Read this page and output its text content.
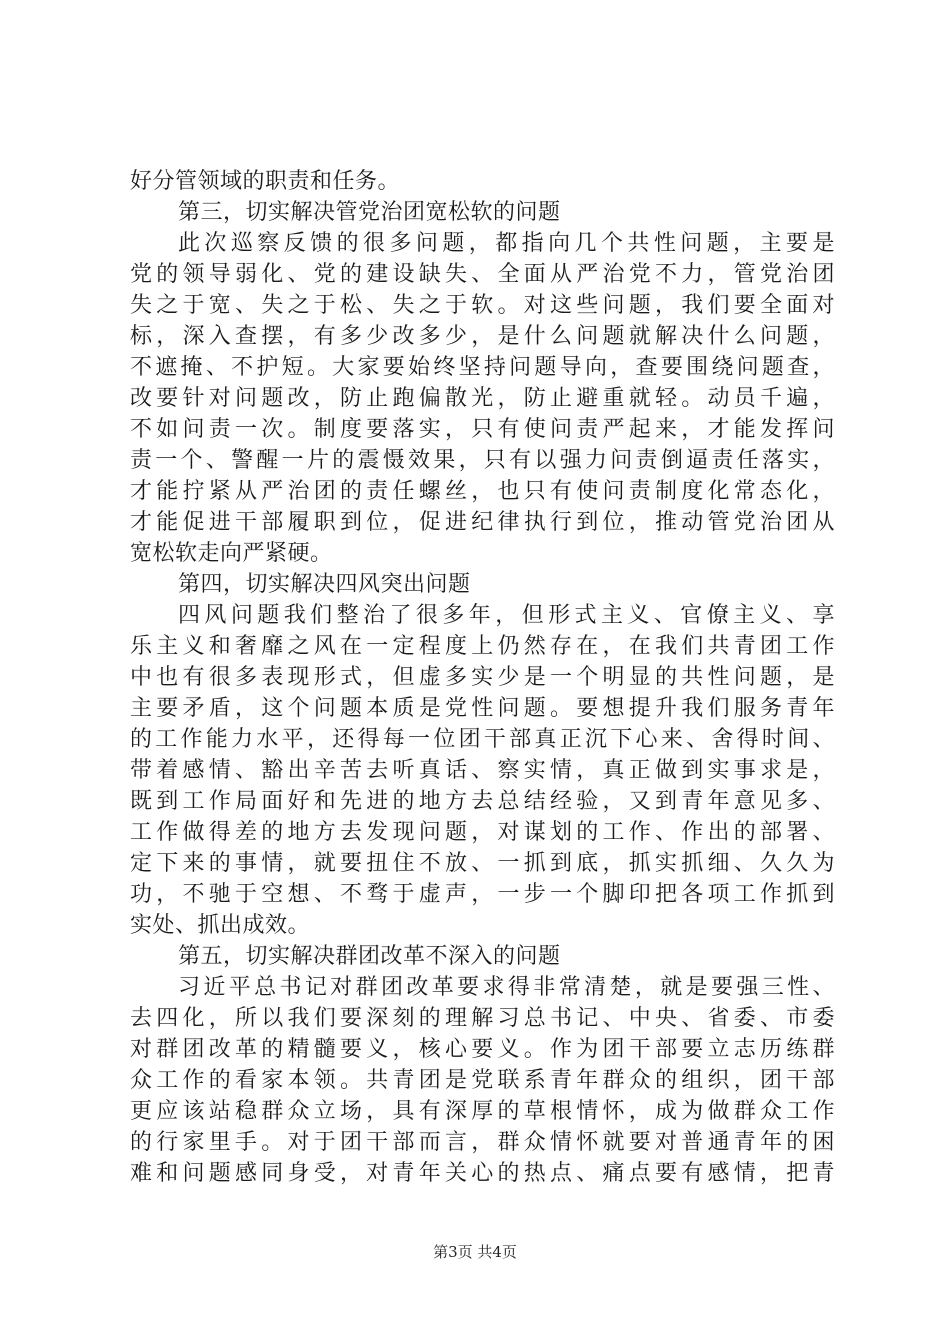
好分管领域的职责和任务。
第三，切实解决管党治团宽松软的问题
此次巡察反馈的很多问题，都指向几个共性问题，主要是
党的领导弱化、党的建设缺失、全面从严治党不力，管党治团
失之于宽、失之于松、失之于软。对这些问题，我们要全面对
标，深入查摆，有多少改多少，是什么问题就解决什么问题，
不遮掩、不护短。大家要始终坚持问题导向，查要围绕问题查，
改要针对问题改，防止跑偏散光，防止避重就轻。动员千遍，
不如问责一次。制度要落实，只有使问责严起来，才能发挥问
责一个、警醒一片的震慑效果，只有以强力问责倒逼责任落实，
才能拧紧从严治团的责任螺丝，也只有使问责制度化常态化，
才能促进干部履职到位，促进纪律执行到位，推动管党治团从
宽松软走向严紧硬。
第四，切实解决四风突出问题
四风问题我们整治了很多年，但形式主义、官僚主义、享
乐主义和奢靡之风在一定程度上仍然存在，在我们共青团工作
中也有很多表现形式，但虚多实少是一个明显的共性问题，是
主要矛盾，这个问题本质是党性问题。要想提升我们服务青年
的工作能力水平，还得每一位团干部真正沉下心来、舍得时间、
带着感情、豁出辛苦去听真话、察实情，真正做到实事求是，
既到工作局面好和先进的地方去总结经验，又到青年意见多、
工作做得差的地方去发现问题，对谋划的工作、作出的部署、
定下来的事情，就要扭住不放、一抓到底，抓实抓细、久久为
功，不驰于空想、不骛于虚声，一步一个脚印把各项工作抓到
实处、抓出成效。
第五，切实解决群团改革不深入的问题
习近平总书记对群团改革要求得非常清楚，就是要强三性、
去四化，所以我们要深刻的理解习总书记、中央、省委、市委
对群团改革的精髓要义，核心要义。作为团干部要立志历练群
众工作的看家本领。共青团是党联系青年群众的组织，团干部
更应该站稳群众立场，具有深厚的草根情怀，成为做群众工作
的行家里手。对于团干部而言，群众情怀就要对普通青年的困
难和问题感同身受，对青年关心的热点、痛点要有感情，把青
第3页 共4页
